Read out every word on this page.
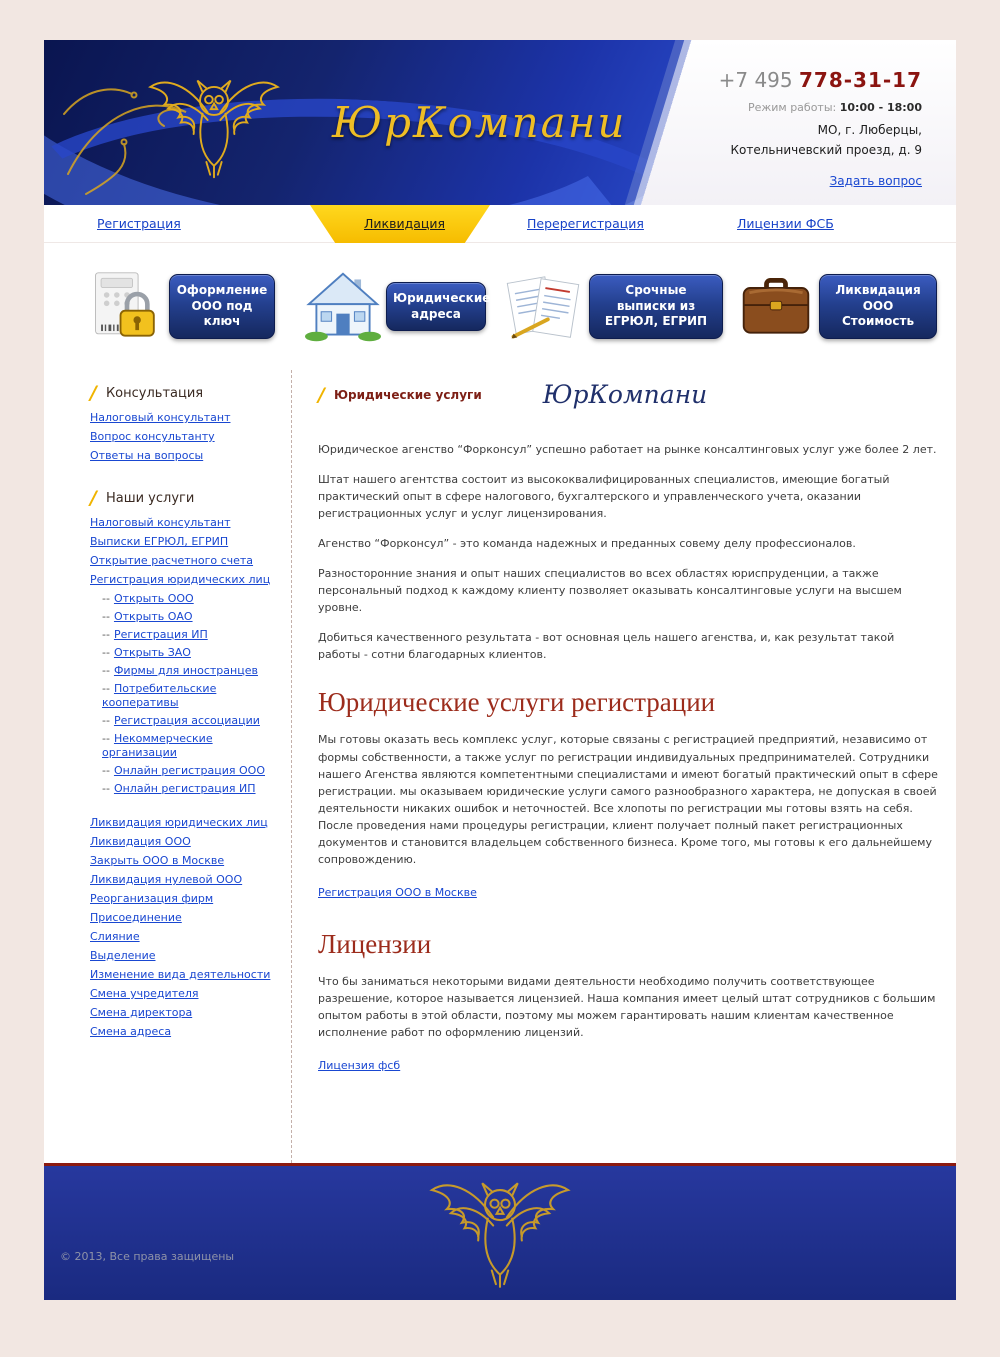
ЮрКомпани
+7 495 778-31-17
Режим работы: 10:00 - 18:00
МО, г. Люберцы,
Котельничевский проезд, д. 9
Задать вопрос
Регистрация	Ликвидация	Перерегистрация	Лицензии ФСБ
Оформление ООО под ключ
Юридические адреса
Срочные выписки из ЕГРЮЛ, ЕГРИП
Ликвидация ООО Стоимость
/ Консультация
Налоговый консультант
Вопрос консультанту
Ответы на вопросы
/ Наши услуги
Налоговый консультант
Выписки ЕГРЮЛ, ЕГРИП
Открытие расчетного счета
Регистрация юридических лиц
-- Открыть ООО
-- Открыть ОАО
-- Регистрация ИП
-- Открыть ЗАО
-- Фирмы для иностранцев
-- Потребительские кооперативы
-- Регистрация ассоциации
-- Некоммерческие организации
-- Онлайн регистрация ООО
-- Онлайн регистрация ИП
Ликвидация юридических лиц
Ликвидация ООО
Закрыть ООО в Москве
Ликвидация нулевой ООО
Реорганизация фирм
Присоединение
Слияние
Выделение
Изменение вида деятельности
Смена учредителя
Смена директора
Смена адреса
/ Юридические услуги ЮрКомпани

Юридическое агенство “Форконсул” успешно работает на рынке консалтинговых услуг уже более 2 лет.

Штат нашего агентства состоит из высококвалифицированных специалистов, имеющие богатый практический опыт в сфере налогового, бухгалтерского и управленческого учета, оказании регистрационных услуг и услуг лицензирования.

Агенство “Форконсул” - это команда надежных и преданных совему делу профессионалов.

Разносторонние знания и опыт наших специалистов во всех областях юриспруденции, а также персональный подход к каждому клиенту позволяет оказывать консалтинговые услуги на высшем уровне.

Добиться качественного результата - вот основная цель нашего агенства, и, как результат такой работы - сотни благодарных клиентов.

Юридические услуги регистрации

Мы готовы оказать весь комплекс услуг, которые связаны с регистрацией предприятий, независимо от формы собственности, а также услуг по регистрации индивидуальных предпринимателей. Сотрудники нашего Агенства являются компетентными специалистами и имеют богатый практический опыт в сфере регистрации. мы оказываем юридические услуги самого разнообразного характера, не допуская в своей деятельности никаких ошибок и неточностей. Все хлопоты по регистрации мы готовы взять на себя. После проведения нами процедуры регистрации, клиент получает полный пакет регистрационных документов и становится владельцем собственного бизнеса. Кроме того, мы готовы к его дальнейшему сопровождению.

Регистрация ООО в Москве
Лицензии

Что бы заниматься некоторыми видами деятельности необходимо получить соответствующее разрешение, которое называется лицензией. Наша компания имеет целый штат сотрудников с большим опытом работы в этой области, поэтому мы можем гарантировать нашим клиентам качественное исполнение работ по оформлению лицензий.

Лицензия фсб
© 2013, Все права защищены
